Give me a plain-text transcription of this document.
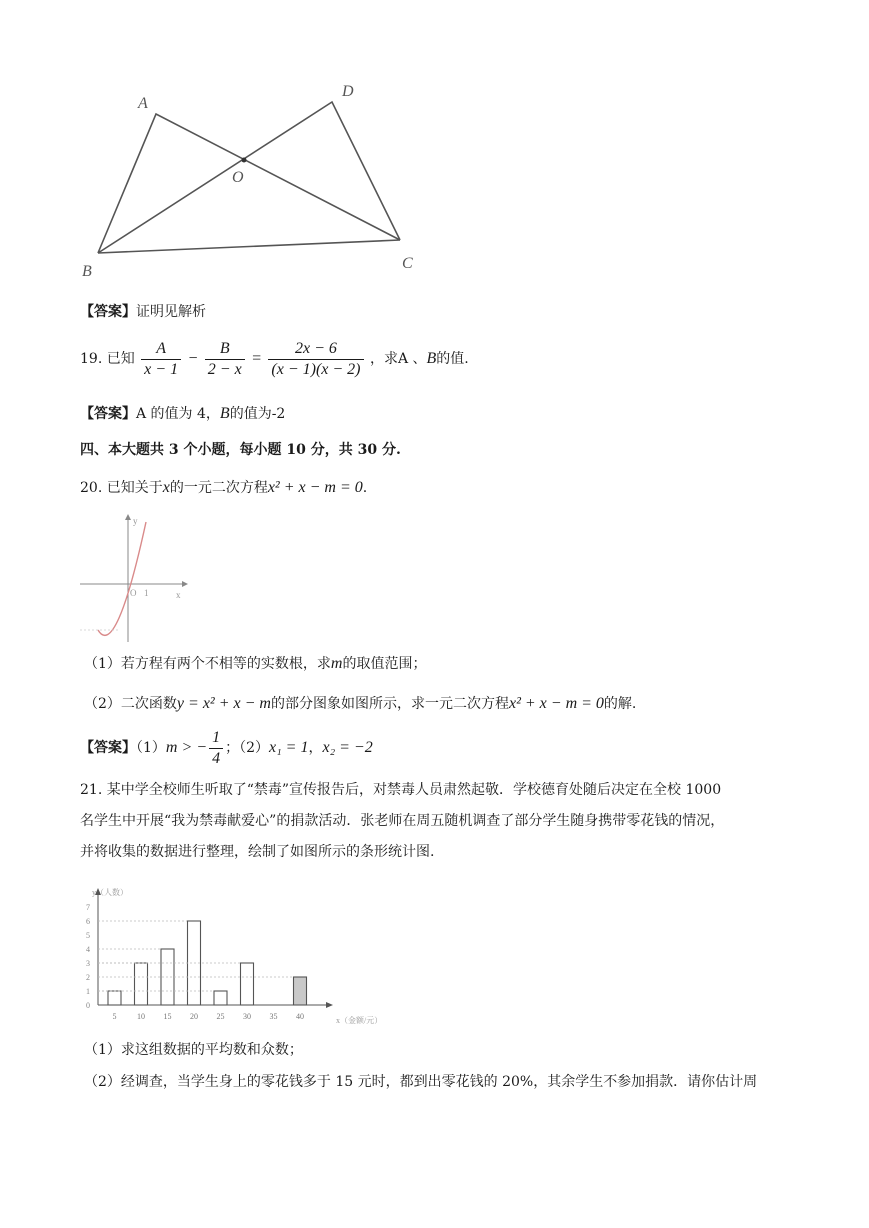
A
D
O
B	C
【答案】证明见解析
19. 已知 $\frac{A}{x - 1} - \frac{B}{2 - x} = \frac{2x - 6}{(x - 1)(x - 2)}$ ，求A 、B的值.
【答案】A 的值为 4，B的值为-2
四、本大题共 3 个小题，每小题 10 分，共 30 分.
20. 已知关于x的一元二次方程x² + x − m = 0.
y
x
O 1
（1）若方程有两个不相等的实数根，求m的取值范围；
（2）二次函数y = x² + x − m的部分图象如图所示，求一元二次方程x² + x − m = 0的解.
【答案】（1）m > − $\frac{1}{4}$ ；（2）x₁ = 1，x₂ = −2
21. 某中学全校师生听取了“禁毒”宣传报告后，对禁毒人员肃然起敬．学校德育处随后决定在全校 1000
名学生中开展“我为禁毒献爱心”的捐款活动．张老师在周五随机调查了部分学生随身携带零花钱的情况，
并将收集的数据进行整理，绘制了如图所示的条形统计图.
0
1
2
3
4
5
6
7
y（人数）
x（金额/元）
5	10 15 20 25 30 35 40
（1）求这组数据的平均数和众数；
（2）经调查，当学生身上的零花钱多于 15 元时，都到出零花钱的 20%，其余学生不参加捐款．请你估计周
